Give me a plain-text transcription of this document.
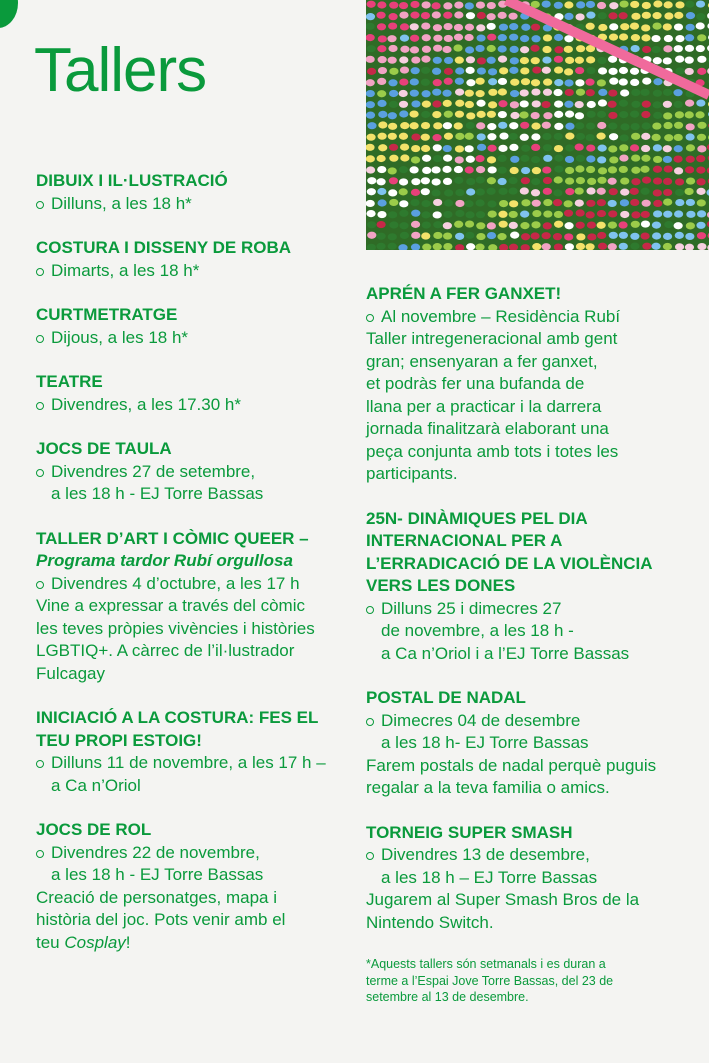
Tallers
DIBUIX I IL·LUSTRACIÓ
Dilluns, a les 18 h*
COSTURA I DISSENY DE ROBA
Dimarts, a les 18 h*
CURTMETRATGE
Dijous, a les 18 h*
TEATRE
Divendres, a les 17.30 h*
JOCS DE TAULA
Divendres 27 de setembre,
a les 18 h - EJ Torre Bassas
TALLER D’ART I CÒMIC QUEER –
Programa tardor Rubí orgullosa
Divendres 4 d’octubre, a les 17 h
Vine a expressar a través del còmic
les teves pròpies vivències i històries
LGBTIQ+. A càrrec de l’il·lustrador
Fulcagay
INICIACIÓ A LA COSTURA: FES EL
TEU PROPI ESTOIG!
Dilluns 11 de novembre, a les 17 h –
a Ca n’Oriol
JOCS DE ROL
Divendres 22 de novembre,
a les 18 h - EJ Torre Bassas
Creació de personatges, mapa i
història del joc. Pots venir amb el
teu Cosplay!
APRÉN A FER GANXET!
Al novembre – Residència Rubí
Taller intregeneracional amb gent
gran; ensenyaran a fer ganxet,
et podràs fer una bufanda de
llana per a practicar i la darrera
jornada finalitzarà elaborant una
peça conjunta amb tots i totes les
participants.
25N- DINÀMIQUES PEL DIA
INTERNACIONAL PER A
L’ERRADICACIÓ DE LA VIOLÈNCIA
VERS LES DONES
Dilluns 25 i dimecres 27
de novembre, a les 18 h -
a Ca n’Oriol i a l’EJ Torre Bassas
POSTAL DE NADAL
Dimecres 04 de desembre
a les 18 h- EJ Torre Bassas
Farem postals de nadal perquè puguis
regalar a la teva familia o amics.
TORNEIG SUPER SMASH
Divendres 13 de desembre,
a les 18 h – EJ Torre Bassas
Jugarem al Super Smash Bros de la
Nintendo Switch.
*Aquests tallers són setmanals i es duran a
terme a l’Espai Jove Torre Bassas, del 23 de
setembre al 13 de desembre.
